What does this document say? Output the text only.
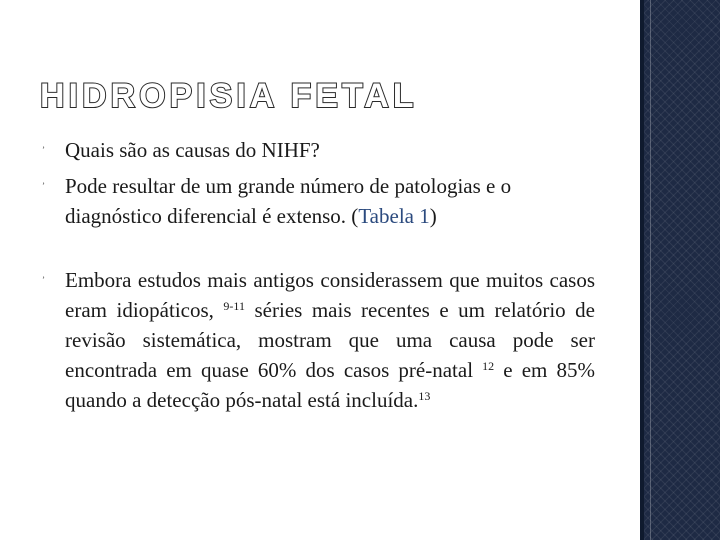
HIDROPISIA FETAL
’ Quais são as causas do NIHF?
’ Pode resultar de um grande número de patologias e o diagnóstico diferencial é extenso. (Tabela 1)
’ Embora estudos mais antigos considerassem que muitos casos eram idiopáticos, $^{9-11}$ séries mais recentes e um relatório de revisão sistemática, mostram que uma causa pode ser encontrada em quase 60% dos casos pré-natal $^{12}$ e em 85% quando a detecção pós-natal está incluída.$^{13}$
